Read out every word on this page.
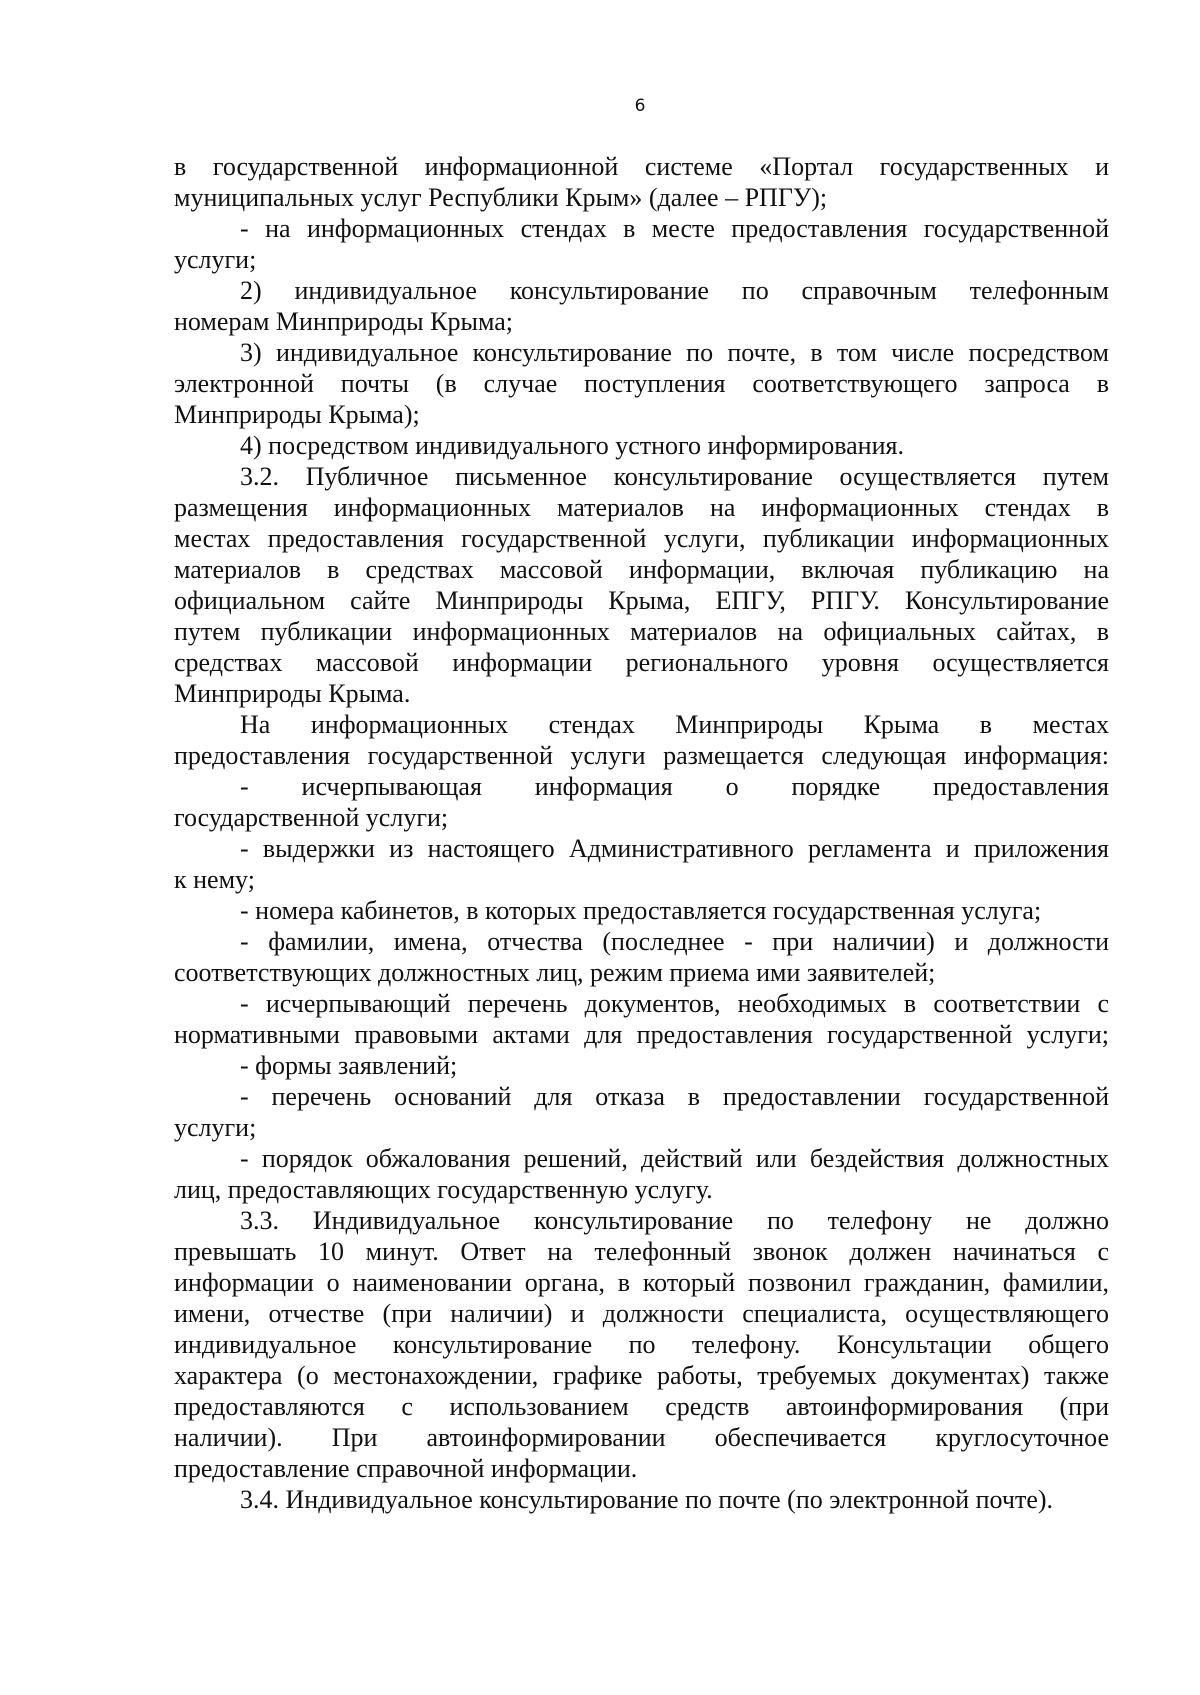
6
в государственной информационной системе «Портал государственных и
муниципальных услуг Республики Крым» (далее – РПГУ);
- на информационных стендах в месте предоставления государственной
услуги;
2) индивидуальное консультирование по справочным телефонным
номерам Минприроды Крыма;
3) индивидуальное консультирование по почте, в том числе посредством
электронной почты (в случае поступления соответствующего запроса в
Минприроды Крыма);
4) посредством индивидуального устного информирования.
3.2. Публичное письменное консультирование осуществляется путем
размещения информационных материалов на информационных стендах в
местах предоставления государственной услуги, публикации информационных
материалов в средствах массовой информации, включая публикацию на
официальном сайте Минприроды Крыма, ЕПГУ, РПГУ. Консультирование
путем публикации информационных материалов на официальных сайтах, в
средствах массовой информации регионального уровня осуществляется
Минприроды Крыма.
На информационных стендах Минприроды Крыма в местах
предоставления государственной услуги размещается следующая информация:
- исчерпывающая информация о порядке предоставления
государственной услуги;
- выдержки из настоящего Административного регламента и приложения
к нему;
- номера кабинетов, в которых предоставляется государственная услуга;
- фамилии, имена, отчества (последнее - при наличии) и должности
соответствующих должностных лиц, режим приема ими заявителей;
- исчерпывающий перечень документов, необходимых в соответствии с
нормативными правовыми актами для предоставления государственной услуги;
- формы заявлений;
- перечень оснований для отказа в предоставлении государственной
услуги;
- порядок обжалования решений, действий или бездействия должностных
лиц, предоставляющих государственную услугу.
3.3. Индивидуальное консультирование по телефону не должно
превышать 10 минут. Ответ на телефонный звонок должен начинаться с
информации о наименовании органа, в который позвонил гражданин, фамилии,
имени, отчестве (при наличии) и должности специалиста, осуществляющего
индивидуальное консультирование по телефону. Консультации общего
характера (о местонахождении, графике работы, требуемых документах) также
предоставляются с использованием средств автоинформирования (при
наличии). При автоинформировании обеспечивается круглосуточное
предоставление справочной информации.
3.4. Индивидуальное консультирование по почте (по электронной почте).
